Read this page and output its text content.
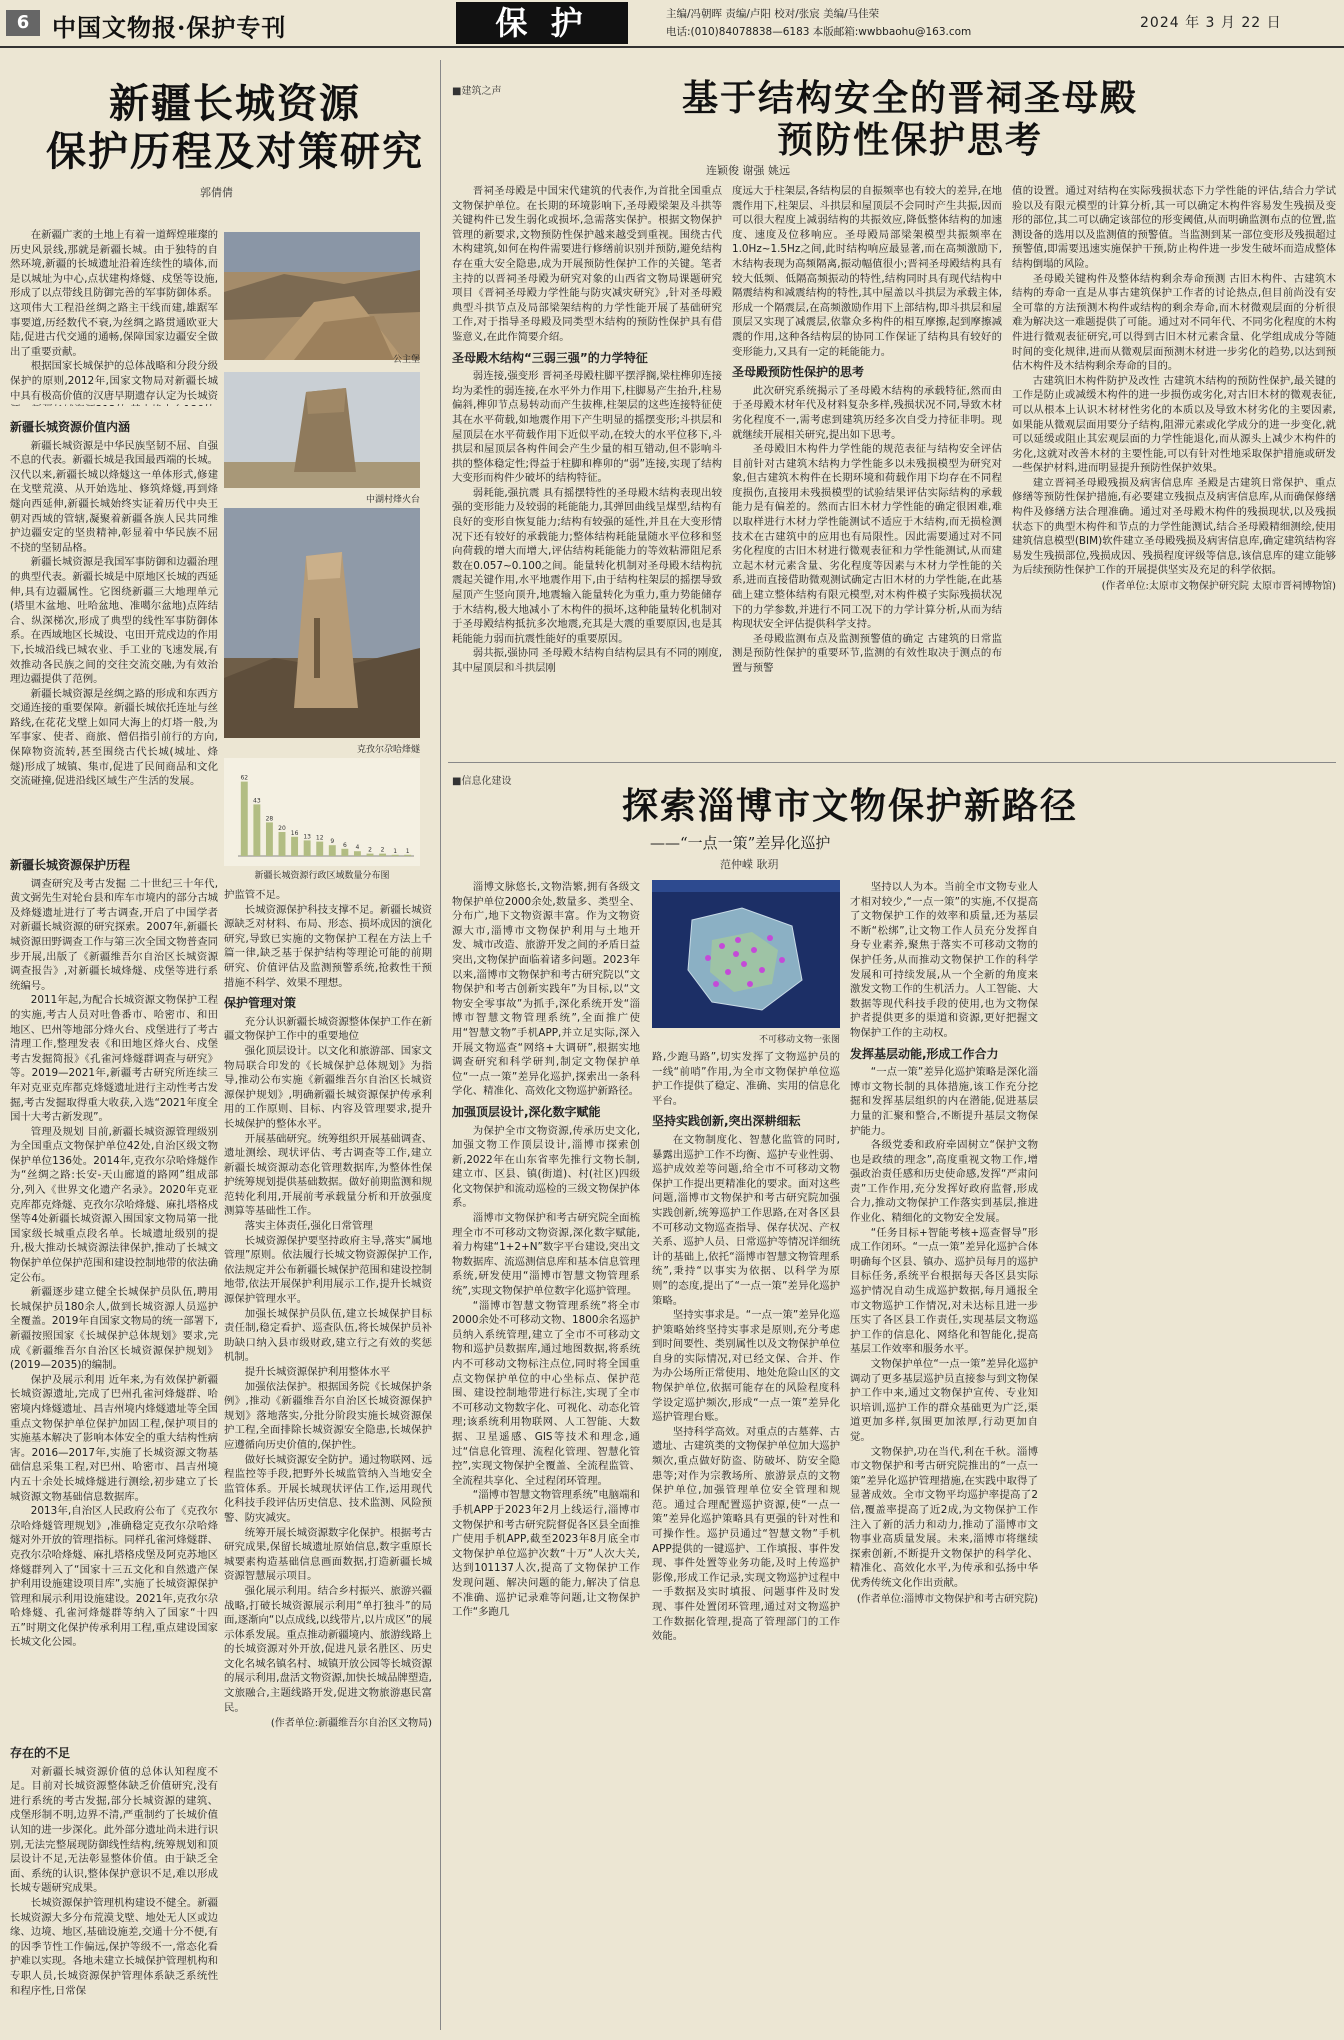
6 中国文物报·保护专刊	保 护	主编/冯朝晖 责编/卢阳 校对/张宸 美编/马佳荣
电话:(010)84078838—6183 本版邮箱:wwbbaohu@163.com
2024 年 3 月 22 日
新疆长城资源
保护历程及对策研究
郭倩倩

在新疆广袤的土地上有着一道辉煌璀璨的历史风景线,那就是新疆长城。由于独特的自然环境,新疆的长城遗址沿着连续性的墙体,而是以城址为中心,点状建构烽燧、戍堡等设施,形成了以点带线且防御完善的军事防御体系。这项伟大工程沿丝绸之路主干线而建,雄踞军事要道,历经数代不衰,为丝绸之路贯通欧亚大陆,促进古代交通的通畅,保障国家边疆安全做出了重要贡献。

根据国家长城保护的总体战略和分段分级保护的原则,2012年,国家文物局对新疆长城中具有极高价值的汉唐早期遗存认定为长城资

公主堡
新疆长城资源价值内涵

新疆长城资源是中华民族坚韧不屈、自强不息的代表。新疆长城是我国最西端的长城。汉代以来,新疆长城以烽燧这一单体形式,修建在戈壁荒漠、从开始选址、修筑烽燧,再到烽燧向西延伸,新疆长城始终实证着历代中央王朝对西域的管辖,凝聚着新疆各族人民共同维护边疆安定的坚贵精神,彰显着中华民族不屈不挠的坚韧品格。

新疆长城资源是我国军事防御和边疆治理的典型代表。新疆长城是中原地区长城的西延伸,具有边疆属性。它图绕新疆三大地理单元(塔里木盆地、吐哈盆地、准噶尔盆地)点阵结合、纵深梯次,形成了典型的线性军事防御体系。在西域地区长城设、屯田开荒戍边的作用下,长城沿线已城农业、手工业的飞速发展,有效推动各民族之间的交往交流交融,为有效治理边疆提供了范例。

新疆长城资源是丝绸之路的形成和东西方交通连接的重要保障。新疆长城依托连址与丝路线,在花花戈壁上如同大海上的灯塔一般,为军事家、使者、商旅、僧侣指引前行的方向,保障物资流转,甚至围绕古代长城(城址、烽燧)形成了城镇、集市,促进了民间商品和文化交流碰撞,促进沿线区域生产生活的发展。

中湖村烽火台
克孜尔尕哈烽燧
62
43
28
20
16
13 12
9
6 4 2 2 1 1
新疆长城资源行政区域数量分布图
新疆长城资源保护历程

调查研究及考古发掘 二十世纪三十年代,黄文弼先生对轮台县和库车市境内的部分古城及烽燧遗址进行了考古调查,开启了中国学者对新疆长城资源的研究探索。2007年,新疆长城资源田野调查工作与第三次全国文物普查同步开展,出版了《新疆维吾尔自治区长城资源调查报告》,对新疆长城烽燧、戍堡等进行系统编号。

2011年起,为配合长城资源文物保护工程的实施,考古人员对吐鲁番市、哈密市、和田地区、巴州等地部分烽火台、戍堡进行了考古清理工作,整理发表《和田地区烽火台、戍堡考古发掘简报》《孔雀河烽燧群调查与研究》等。2019—2021年,新疆考古研究所连续三年对克亚克库都克烽燧遗址进行主动性考古发掘,考古发掘取得重大收获,入选“2021年度全国十大考古新发现”。

管理及规划 目前,新疆长城资源管理级别为全国重点文物保护单位42处,自治区级文物保护单位136处。2014年,克孜尔尕哈烽燧作为“丝绸之路:长安-天山廊道的路网”组成部分,列入《世界文化遗产名录》。2020年克亚克库都克烽燧、克孜尔尕哈烽燧、麻扎塔格戍堡等4处新疆长城资源入围国家文物局第一批国家级长城重点段名单。长城遗址级别的提升,极大推动长城资源法律保护,推动了长城文物保护单位保护范围和建设控制地带的依法确定公布。

新疆逐步建立健全长城保护员队伍,聘用长城保护员180余人,做到长城资源人员巡护全覆盖。2019年自国家文物局的统一部署下,新疆按照国家《长城保护总体规划》要求,完成《新疆维吾尔自治区长城资源保护规划》(2019—2035)的编制。

保护及展示利用 近年来,为有效保护新疆长城资源遗址,完成了巴州孔雀河烽燧群、哈密境内烽燧遗址、昌吉州境内烽燧遗址等全国重点文物保护单位保护加固工程,保护项目的实施基本解决了影响本体安全的重大结构性病害。2016—2017年,实施了长城资源文物基础信息采集工程,对巴州、哈密市、昌吉州境内五十余处长城烽燧进行测绘,初步建立了长城资源文物基础信息数据库。

2013年,自治区人民政府公布了《克孜尔尕哈烽燧管理规划》,准确稳定克孜尔尕哈烽燧对外开放的管理指标。同样孔雀河烽燧群、克孜尔尕哈烽燧、麻扎塔格戍堡及阿克苏地区烽燧群列入了“国家十三五文化和自然遗产保护利用设施建设项目库”,实施了长城资源保护管理和展示利用设施建设。2021年,克孜尔尕哈烽燧、孔雀河烽燧群等纳入了国家“十四五”时期文化保护传承利用工程,重点建设国家长城文化公园。

存在的不足

对新疆长城资源价值的总体认知程度不足。目前对长城资源整体缺乏价值研究,没有进行系统的考古发掘,部分长城资源的建筑、戍堡形制不明,边界不清,严重制约了长城价值认知的进一步深化。此外部分遗址尚未进行识别,无法完整展现防御线性结构,统筹规划和顶层设计不足,无法彰显整体价值。由于缺乏全面、系统的认识,整体保护意识不足,难以形成长城专题研究成果。

长城资源保护管理机构建设不健全。新疆长城资源大多分布荒漠戈壁、地处无人区或边缘、边境、地区,基础设施差,交通十分不便,有的因季节性工作偏远,保护等级不一,常态化看护难以实现。各地未建立长城保护管理机构和专职人员,长城资源保护管理体系缺乏系统性和程序性,日常保

护监管不足。

长城资源保护科技支撑不足。新疆长城资源缺乏对材料、布局、形态、损坏成因的演化研究,导致已实施的文物保护工程在方法上千篇一律,缺乏基于保护结构等理论可能的前期研究、价值评估及监测预警系统,抢救性干预措施不科学、效果不理想。

保护管理对策

充分认识新疆长城资源整体保护工作在新疆文物保护工作中的重要地位

强化顶层设计。以文化和旅游部、国家文物局联合印发的《长城保护总体规划》为指导,推动公布实施《新疆维吾尔自治区长城资源保护规划》,明确新疆长城资源保护传承利用的工作原则、目标、内容及管理要求,提升长城保护的整体水平。

开展基础研究。统筹组织开展基础调查、遗址测绘、现状评估、考古调查等工作,建立新疆长城资源动态化管理数据库,为整体性保护统筹规划提供基础数据。做好前期监测和规范转化利用,开展前考承载量分析和开放强度测算等基础性工作。

落实主体责任,强化日常管理

长城资源保护要坚持政府主导,落实“属地管理”原则。依法履行长城文物资源保护工作,依法规定并公布新疆长城保护范围和建设控制地带,依法开展保护利用展示工作,提升长城资源保护管理水平。

加强长城保护员队伍,建立长城保护目标责任制,稳定看护、巡查队伍,将长城保护员补助缺口纳入县市级财政,建立行之有效的奖惩机制。

提升长城资源保护利用整体水平

加强依法保护。根据国务院《长城保护条例》,推动《新疆维吾尔自治区长城资源保护规划》落地落实,分批分阶段实施长城资源保护工程,全面排除长城资源安全隐患,长城保护应遵循向历史价值的,保护性。

做好长城资源安全防护。通过物联网、远程监控等手段,把野外长城监管纳入当地安全监管体系。开展长城现状评估工作,运用现代化科技手段评估历史信息、技术监测、风险预警、防灾减灾。

统筹开展长城资源数字化保护。根据考古研究成果,保留长城遗址原始信息,数字重原长城要素构造基础信息画面数据,打造新疆长城资源智慧展示项目。

强化展示利用。结合乡村振兴、旅游兴疆战略,打破长城资源展示利用“单打独斗”的局面,逐渐向“以点成线,以线带片,以片成区”的展示体系发展。重点推动新疆境内、旅游线路上的长城资源对外开放,促进凡景名胜区、历史文化名城名镇名村、城镇开放公园等长城资源的展示利用,盘活文物资源,加快长城品牌塑造,文旅融合,主题线路开发,促进文物旅游惠民富民。

(作者单位:新疆维吾尔自治区文物局)
■建筑之声	基于结构安全的晋祠圣母殿
预防性保护思考
连颖俊 谢强 姚远

晋祠圣母殿是中国宋代建筑的代表作,为首批全国重点文物保护单位。在长期的环境影响下,圣母殿梁架及斗拱等关键构件已发生弱化或损坏,急需落实保护。根据文物保护管理的新要求,文物预防性保护越来越受到重视。围绕古代木构建筑,如何在构件需要进行修缮前识别并预防,避免结构存在重大安全隐患,成为开展预防性保护工作的关键。笔者主持的以晋祠圣母殿为研究对象的山西省文物局课题研究项目《晋祠圣母殿力学性能与防灾减灾研究》,针对圣母殿典型斗拱节点及局部梁架结构的力学性能开展了基础研究工作,对于指导圣母殿及同类型木结构的预防性保护具有借鉴意义,在此作简要介绍。

圣母殿木结构“三弱三强”的力学特征

弱连接,强变形 晋祠圣母殿柱脚平摆浮搁,梁柱榫卯连接均为柔性的弱连接,在水平外力作用下,柱脚易产生抬升,柱易偏斜,榫卯节点易转动而产生拔榫,柱架层的这些连接特征使其在水平荷载,如地震作用下产生明显的摇摆变形;斗拱层和屋顶层在水平荷载作用下近似平动,在较大的水平位移下,斗拱层和屋顶层各构件间会产生少量的相互错动,但不影响斗拱的整体稳定性;得益于柱脚和榫卯的“弱”连接,实现了结构大变形而构件少破坏的结构特征。

弱耗能,强抗震 具有摇摆特性的圣母殿木结构表现出较强的变形能力及较弱的耗能能力,其弹回曲线呈煤型,结构有良好的变形自恢复能力;结构有较强的延性,并且在大变形情况下还有较好的承载能力;整体结构耗能量随水平位移和竖向荷载的增大而增大,评估结构耗能能力的等效粘滞阻尼系数在0.057~0.100之间。能量转化机制对圣母殿木结构抗震起关键作用,水平地震作用下,由于结构柱架层的摇摆导致屋顶产生竖向顶升,地震输入能量转化为重力,重力势能储存于木结构,极大地减小了木构件的损坏,这种能量转化机制对于圣母殿结构抵抗多次地震,充其是大震的重要原因,也是其耗能能力弱而抗震性能好的重要原因。

弱共振,强协同 圣母殿木结构自结构层具有不同的刚度,其中屋顶层和斗拱层刚

度远大于柱架层,各结构层的自振频率也有较大的差异,在地震作用下,柱架层、斗拱层和屋顶层不会同时产生共振,因而可以很大程度上减弱结构的共振效应,降低整体结构的加速度、速度及位移响应。圣母殿局部梁架模型共振频率在1.0Hz~1.5Hz之间,此时结构响应最显著,而在高频激励下,木结构表现为高频隔离,振动幅值很小;晋祠圣母殿结构具有较大低频、低隔高频振动的特性,结构同时具有现代结构中隔震结构和减震结构的特性,其中屋盖以斗拱层为承载主体,形成一个隔震层,在高频激励作用下上部结构,即斗拱层和屋顶层又实现了减震层,依靠众多构件的相互摩擦,起到摩擦减震的作用,这种各结构层的协同工作保证了结构具有较好的变形能力,又具有一定的耗能能力。

圣母殿预防性保护的思考

此次研究系统揭示了圣母殿木结构的承载特征,然而由于圣母殿木材年代及材料复杂多样,残损状况不同,导致木材劣化程度不一,需考虑到建筑历经多次自受力持征非明。现就继续开展相关研究,提出如下思考。

圣母殿旧木构件力学性能的规范表征与结构安全评估 目前针对古建筑木结构力学性能多以未残损模型为研究对象,但古建筑木构件在长期环境和荷载作用下均存在不同程度损伤,直接用未残损模型的试验结果评估实际结构的承载能力是有偏差的。然而古旧木材力学性能的确定很困难,难以取样进行木材力学性能测试不适应于木结构,而无损检测技术在古建筑中的应用也有局限性。因此需要通过对不同劣化程度的古旧木材进行微观表征和力学性能测试,从而建立起木材元素含量、劣化程度等因素与木材力学性能的关系,进而直接借助微观测试确定古旧木材的力学性能,在此基础上建立整体结构有限元模型,对木构件模子实际残损状况下的力学参数,并进行不同工况下的力学计算分析,从而为结构现状安全评估提供科学支持。

圣母殿监测布点及监测预警值的确定 古建筑的日常监测是预防性保护的重要环节,监测的有效性取决于测点的布置与预警

值的设置。通过对结构在实际残损状态下力学性能的评估,结合力学试验以及有限元模型的计算分析,其一可以确定木构件容易发生残损及变形的部位,其二可以确定该部位的形变阈值,从而明确监测布点的位置,监测设备的选用以及监测值的预警值。当监测到某一部位变形及残损超过预警值,即需要迅速实施保护干预,防止构件进一步发生破坏而造成整体结构倒塌的风险。

圣母殿关键构件及整体结构剩余寿命预测 古旧木构件、古建筑木结构的寿命一直是从事古建筑保护工作者的讨论热点,但目前尚没有安全可靠的方法预测木构件或结构的剩余寿命,而木材微观层面的分析很难为解决这一难题提供了可能。通过对不同年代、不同劣化程度的木构件进行微观表征研究,可以得到古旧木材元素含量、化学组成成分等随时间的变化规律,进而从微观层面预测木材进一步劣化的趋势,以达到预估木构件及木结构剩余寿命的目的。

古建筑旧木构件防护及改性 古建筑木结构的预防性保护,最关键的工作是防止或减缓木构件的进一步损伤或劣化,对古旧木材的微观表征,可以从根本上认识木材材性劣化的本质以及导致木材劣化的主要因素,如果能从微观层面用要分子结构,阻滞元素或化学成分的进一步变化,就可以延缓或阻止其宏观层面的力学性能退化,而从源头上减少木构件的劣化,这就对改善木材的主要性能,可以有针对性地采取保护措施或研发一些保护材料,进而明显提升预防性保护效果。

建立晋祠圣母殿残损及病害信息库 圣殿是古建筑日常保护、重点修缮等预防性保护措施,有必要建立残损点及病害信息库,从而确保修缮构件及修缮方法合理准确。通过对圣母殿木构件的残损现状,以及残损状态下的典型木构件和节点的力学性能测试,结合圣母殿精细测绘,使用建筑信息模型(BIM)软件建立圣母殿残损及病害信息库,确定建筑结构容易发生残损部位,残损成因、残损程度评级等信息,该信息库的建立能够为后续预防性保护工作的开展提供坚实及充足的科学依据。

(作者单位:太原市文物保护研究院 太原市晋祠博物馆)
■信息化建设
探索淄博市文物保护新路径
——“一点一策”差异化巡护
范仲嵘 耿玥

淄博文脉悠长,文物浩繁,拥有各级文物保护单位2000余处,数量多、类型全、分布广,地下文物资源丰富。作为文物资源大市,淄博市文物保护利用与土地开发、城市改造、旅游开发之间的矛盾日益突出,文物保护面临着诸多问题。2023年以来,淄博市文物保护和考古研究院以“文物保护和考古创新实践年”为目标,以“文物安全零事故”为抓手,深化系统开发“淄博市智慧文物管理系统”,全面推广使用“智慧文物”手机APP,并立足实际,深入开展文物巡查“网络+大调研”,根据实地调查研究和科学研判,制定文物保护单位“一点一策”差异化巡护,探索出一条科学化、精准化、高效化文物巡护新路径。

加强顶层设计,深化数字赋能

为保护全市文物资源,传承历史文化,加强文物工作顶层设计,淄博市探索创新,2022年在山东省率先推行文物长制,建立市、区县、镇(街道)、村(社区)四级化文物保护和流动巡检的三级文物保护体系。

淄博市文物保护和考古研究院全面梳理全市不可移动文物资源,深化数字赋能,着力构建“1+2+N”数字平台建设,突出文物数据库、流巡测信息库和基本信息管理系统,研发使用“淄博市智慧文物管理系统”,实现文物保护单位数字化巡护管理。

“淄博市智慧文物管理系统”将全市2000余处不可移动文物、1800余名巡护员纳入系统管理,建立了全市不可移动文物和巡护员数据库,通过地图数据,将系统内不可移动文物标注点位,同时将全国重点文物保护单位的中心坐标点、保护范围、建设控制地带进行标注,实现了全市不可移动文物数字化、可视化、动态化管理;该系统利用物联网、人工智能、大数据、卫星遥感、GIS等技术和理念,通过“信息化管理、流程化管理、智慧化管控”,实现文物保护全覆盖、全流程监管、全流程共享化、全过程闭环管理。

“淄博市智慧文物管理系统”电脑端和手机APP于2023年2月上线运行,淄博市文物保护和考古研究院督促各区县全面推广使用手机APP,截至2023年8月底全市文物保护单位巡护次数“十万”人次大关,达到101137人次,提高了文物保护工作发现问题、解决问题的能力,解决了信息不准确、巡护记录难等问题,让文物保护工作“多跑几

不可移动文物一张图

路,少跑马路”,切实发挥了文物巡护员的一线“前哨”作用,为全市文物保护单位巡护工作提供了稳定、准确、实用的信息化平台。

坚持实践创新,突出深耕细耘

在文物制度化、智慧化监管的同时,暴露出巡护工作不均衡、巡护专业性弱、巡护成效差等问题,给全市不可移动文物保护工作提出更精准化的要求。面对这些问题,淄博市文物保护和考古研究院加强实践创新,统筹巡护工作思路,在对各区县不可移动文物巡查指导、保存状况、产权关系、巡护人员、日常巡护等情况详细统计的基础上,依托“淄博市智慧文物管理系统”,秉持“以事实为依据、以科学为原则”的态度,提出了“一点一策”差异化巡护策略。

坚持实事求是。“一点一策”差异化巡护策略始终坚持实事求是原则,充分考虑到时间要性、类别属性以及文物保护单位自身的实际情况,对已经文保、合并、作为办公场所正常使用、地处危险山区的文物保护单位,依据可能存在的风险程度科学设定巡护频次,形成“一点一策”差异化巡护管理台账。

坚持科学高效。对重点的古墓葬、古遗址、古建筑类的文物保护单位加大巡护频次,重点做好防盗、防破坏、防安全隐患等;对作为宗教场所、旅游景点的文物保护单位,加强管理单位安全管理和规范。通过合理配置巡护资源,使“一点一策”差异化巡护策略具有更强的针对性和可操作性。巡护员通过“智慧文物”手机APP提供的一键巡护、工作填报、事件发现、事件处置等业务功能,及时上传巡护影像,形成工作记录,实现文物巡护过程中一手数据及实时填报、问题事件及时发现、事件处置闭环管理,通过对文物巡护工作数据化管理,提高了管理部门的工作效能。

坚持以人为本。当前全市文物专业人才相对较少,“一点一策”的实施,不仅提高了文物保护工作的效率和质量,还为基层不断“松绑”,让文物工作人员充分发挥自身专业素养,聚焦于落实不可移动文物的保护任务,从而推动文物保护工作的科学发展和可持续发展,从一个全新的角度来激发文物工作的生机活力。人工智能、大数据等现代科技手段的使用,也为文物保护者提供更多的渠道和资源,更好把握文物保护工作的主动权。

发挥基层动能,形成工作合力

“一点一策”差异化巡护策略是深化淄博市文物长制的具体措施,该工作充分挖掘和发挥基层组织的内在潜能,促进基层力量的汇聚和整合,不断提升基层文物保护能力。

各级党委和政府牵固树立“保护文物也是政绩的理念”,高度重视文物工作,增强政治责任感和历史使命感,发挥“严肃问责”工作作用,充分发挥好政府监督,形成合力,推动文物保护工作落实到基层,推进作业化、精细化的文物安全发展。

“任务目标+智能考核+巡查督导”形成工作闭环。“一点一策”差异化巡护合体明确每个区县、镇办、巡护员每月的巡护目标任务,系统平台根据每天各区县实际巡护情况自动生成巡护数据,每月通报全市文物巡护工作情况,对未达标且进一步压实了各区县工作责任,实现基层文物巡护工作的信息化、网络化和智能化,提高基层工作效率和服务水平。

文物保护单位“一点一策”差异化巡护调动了更多基层巡护员直接参与到文物保护工作中来,通过文物保护宣传、专业知识培训,巡护工作的群众基础更为广泛,渠道更加多样,氛围更加浓厚,行动更加自觉。

文物保护,功在当代,利在千秋。淄博市文物保护和考古研究院推出的“一点一策”差异化巡护管理措施,在实践中取得了显著成效。全市文物平均巡护率提高了2倍,覆盖率提高了近2成,为文物保护工作注入了新的活力和动力,推动了淄博市文物事业高质量发展。未来,淄博市将继续探索创新,不断提升文物保护的科学化、精准化、高效化水平,为传承和弘扬中华优秀传统文化作出贡献。

(作者单位:淄博市文物保护和考古研究院)
